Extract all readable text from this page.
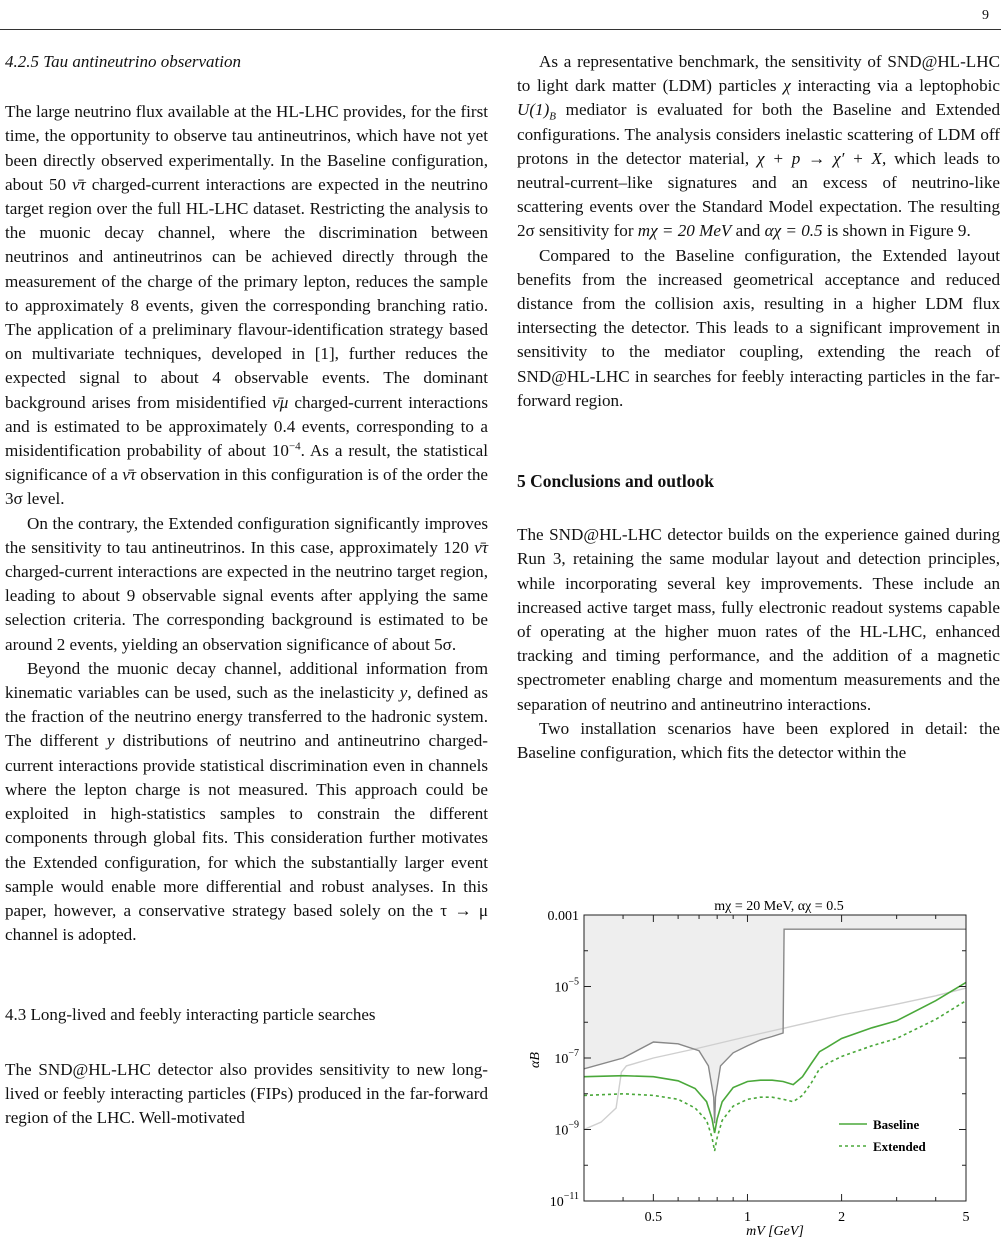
9
4.2.5 Tau antineutrino observation

The large neutrino flux available at the HL-LHC provides, for the first time, the opportunity to observe tau antineutrinos, which have not yet been directly observed experimentally. In the Baseline configuration, about 50 ν̄τ charged-current interactions are expected in the neutrino target region over the full HL-LHC dataset. Restricting the analysis to the muonic decay channel, where the discrimination between neutrinos and antineutrinos can be achieved directly through the measurement of the charge of the primary lepton, reduces the sample to approximately 8 events, given the corresponding branching ratio. The application of a preliminary flavour-identification strategy based on multivariate techniques, developed in [1], further reduces the expected signal to about 4 observable events. The dominant background arises from misidentified ν̄μ charged-current interactions and is estimated to be approximately 0.4 events, corresponding to a misidentification probability of about $10^{-4}$. As a result, the statistical significance of a ν̄τ observation in this configuration is of the order the 3σ level.

On the contrary, the Extended configuration significantly improves the sensitivity to tau antineutrinos. In this case, approximately 120 ν̄τ charged-current interactions are expected in the neutrino target region, leading to about 9 observable signal events after applying the same selection criteria. The corresponding background is estimated to be around 2 events, yielding an observation significance of about 5σ.

Beyond the muonic decay channel, additional information from kinematic variables can be used, such as the inelasticity y, defined as the fraction of the neutrino energy transferred to the hadronic system. The different y distributions of neutrino and antineutrino charged-current interactions provide statistical discrimination even in channels where the lepton charge is not measured. This approach could be exploited in high-statistics samples to constrain the different components through global fits. This consideration further motivates the Extended configuration, for which the substantially larger event sample would enable more differential and robust analyses. In this paper, however, a conservative strategy based solely on the τ → μ channel is adopted.

4.3 Long-lived and feebly interacting particle searches

The SND@HL-LHC detector also provides sensitivity to new long-lived or feebly interacting particles (FIPs) produced in the far-forward region of the LHC. Well-motivated

As a representative benchmark, the sensitivity of SND@HL-LHC to light dark matter (LDM) particles χ interacting via a leptophobic $U(1)_B$ mediator is evaluated for both the Baseline and Extended configurations. The analysis considers inelastic scattering of LDM off protons in the detector material, χ + p → χ′ + X, which leads to neutral-current–like signatures and an excess of neutrino-like scattering events over the Standard Model expectation. The resulting 2σ sensitivity for mχ = 20 MeV and αχ = 0.5 is shown in Figure 9.

Compared to the Baseline configuration, the Extended layout benefits from the increased geometrical acceptance and reduced distance from the collision axis, resulting in a higher LDM flux intersecting the detector. This leads to a significant improvement in sensitivity to the mediator coupling, extending the reach of SND@HL-LHC in searches for feebly interacting particles in the far-forward region.

5 Conclusions and outlook

The SND@HL-LHC detector builds on the experience gained during Run 3, retaining the same modular layout and detection principles, while incorporating several key improvements. These include an increased active target mass, fully electronic readout systems capable of operating at the higher muon rates of the HL-LHC, enhanced tracking and timing performance, and the addition of a magnetic spectrometer enabling charge and momentum measurements and the separation of neutrino and antineutrino interactions.

Two installation scenarios have been explored in detail: the Baseline configuration, which fits the detector within the

mχ = 20 MeV, αχ = 0.5
0.5	1	2	5
0.001
$10^{-5}$
$10^{-7}$
$10^{-9}$
$10^{-11}$
mV [GeV]
αB
Baseline
Extended
